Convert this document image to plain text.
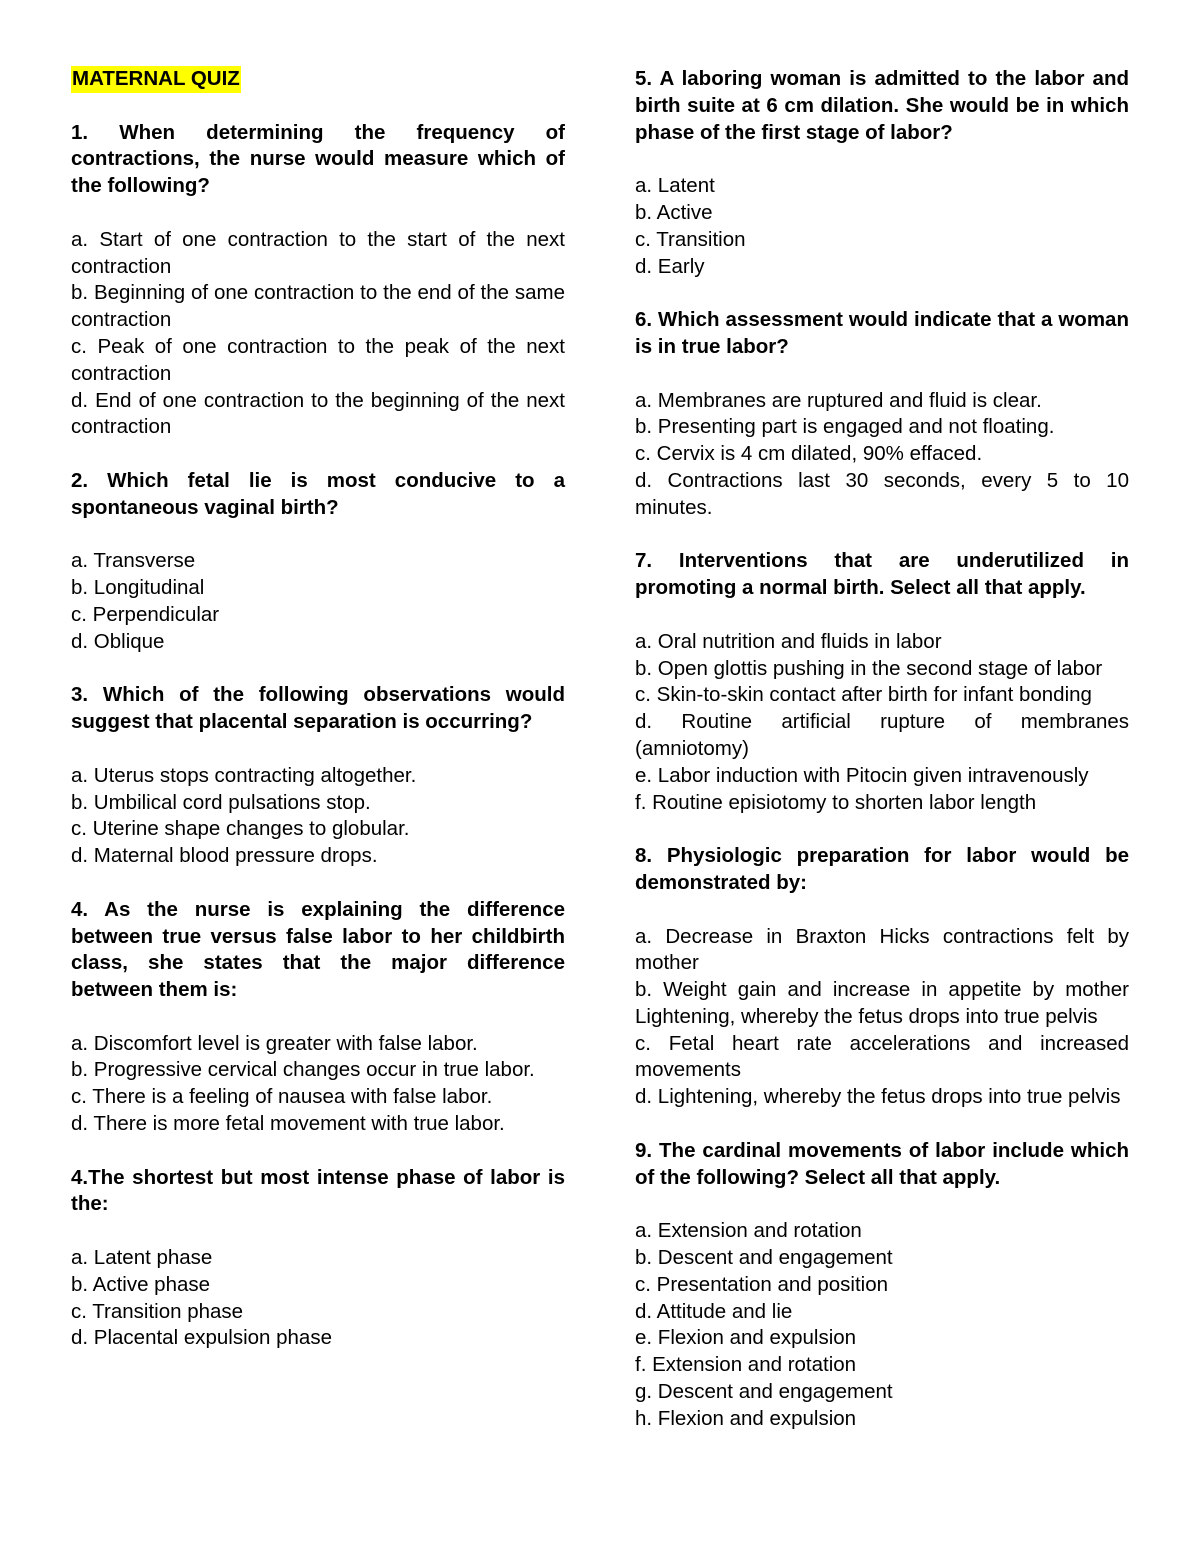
MATERNAL QUIZ
1. When determining the frequency of contractions, the nurse would measure which of the following?
a. Start of one contraction to the start of the next contraction
b. Beginning of one contraction to the end of the same contraction
c. Peak of one contraction to the peak of the next contraction
d. End of one contraction to the beginning of the next contraction
2. Which fetal lie is most conducive to a spontaneous vaginal birth?
a. Transverse
b. Longitudinal
c. Perpendicular
d. Oblique
3. Which of the following observations would suggest that placental separation is occurring?
a. Uterus stops contracting altogether.
b. Umbilical cord pulsations stop.
c. Uterine shape changes to globular.
d. Maternal blood pressure drops.
4. As the nurse is explaining the difference between true versus false labor to her childbirth class, she states that the major difference between them is:
a. Discomfort level is greater with false labor.
b. Progressive cervical changes occur in true labor.
c. There is a feeling of nausea with false labor.
d. There is more fetal movement with true labor.
4.The shortest but most intense phase of labor is the:
a. Latent phase
b. Active phase
c. Transition phase
d. Placental expulsion phase
5. A laboring woman is admitted to the labor and birth suite at 6 cm dilation. She would be in which phase of the first stage of labor?
a. Latent
b. Active
c. Transition
d. Early
6. Which assessment would indicate that a woman is in true labor?
a. Membranes are ruptured and fluid is clear.
b. Presenting part is engaged and not floating.
c. Cervix is 4 cm dilated, 90% effaced.
d. Contractions last 30 seconds, every 5 to 10 minutes.
7. Interventions that are underutilized in promoting a normal birth. Select all that apply.
a. Oral nutrition and fluids in labor
b. Open glottis pushing in the second stage of labor
c. Skin-to-skin contact after birth for infant bonding
d. Routine artificial rupture of membranes (amniotomy)
e. Labor induction with Pitocin given intravenously
f. Routine episiotomy to shorten labor length
8. Physiologic preparation for labor would be demonstrated by:
a. Decrease in Braxton Hicks contractions felt by mother
b. Weight gain and increase in appetite by mother Lightening, whereby the fetus drops into true pelvis
c. Fetal heart rate accelerations and increased movements
d. Lightening, whereby the fetus drops into true pelvis
9. The cardinal movements of labor include which of the following? Select all that apply.
a. Extension and rotation
b. Descent and engagement
c. Presentation and position
d. Attitude and lie
e. Flexion and expulsion
f. Extension and rotation
g. Descent and engagement
h. Flexion and expulsion
